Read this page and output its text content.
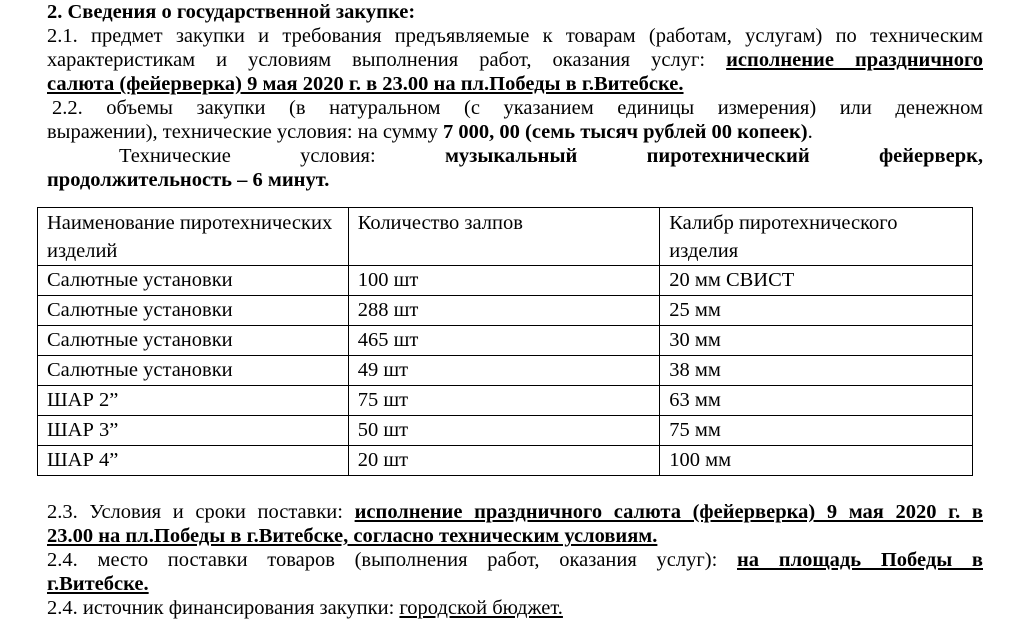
2. Сведения о государственной закупке:
2.1. предмет закупки и требования предъявляемые к товарам (работам, услугам) по техническим
характеристикам и условиям выполнения работ, оказания услуг: исполнение праздничного
салюта (фейерверка) 9 мая 2020 г. в 23.00 на пл.Победы в г.Витебске.
2.2. объемы закупки (в натуральном (с указанием единицы измерения) или денежном
выражении), технические условия: на сумму 7 000, 00 (семь тысяч рублей 00 копеек).
Технические	условия:	музыкальный	пиротехнический	фейерверк,
продолжительность – 6 минут.
Наименование пиротехнических изделий	Количество залпов	Калибр пиротехнического изделия
Салютные установки	100 шт	20 мм СВИСТ
Салютные установки	288 шт	25 мм
Салютные установки	465 шт	30 мм
Салютные установки	49 шт	38 мм
ШАР 2”	75 шт	63 мм
ШАР 3”	50 шт	75 мм
ШАР 4”	20 шт	100 мм
2.3. Условия и сроки поставки: исполнение праздничного салюта (фейерверка) 9 мая 2020 г. в
23.00 на пл.Победы в г.Витебске, согласно техническим условиям.
2.4. место поставки товаров (выполнения работ, оказания услуг): на площадь Победы в
г.Витебске.
2.4. источник финансирования закупки: городской бюджет.
